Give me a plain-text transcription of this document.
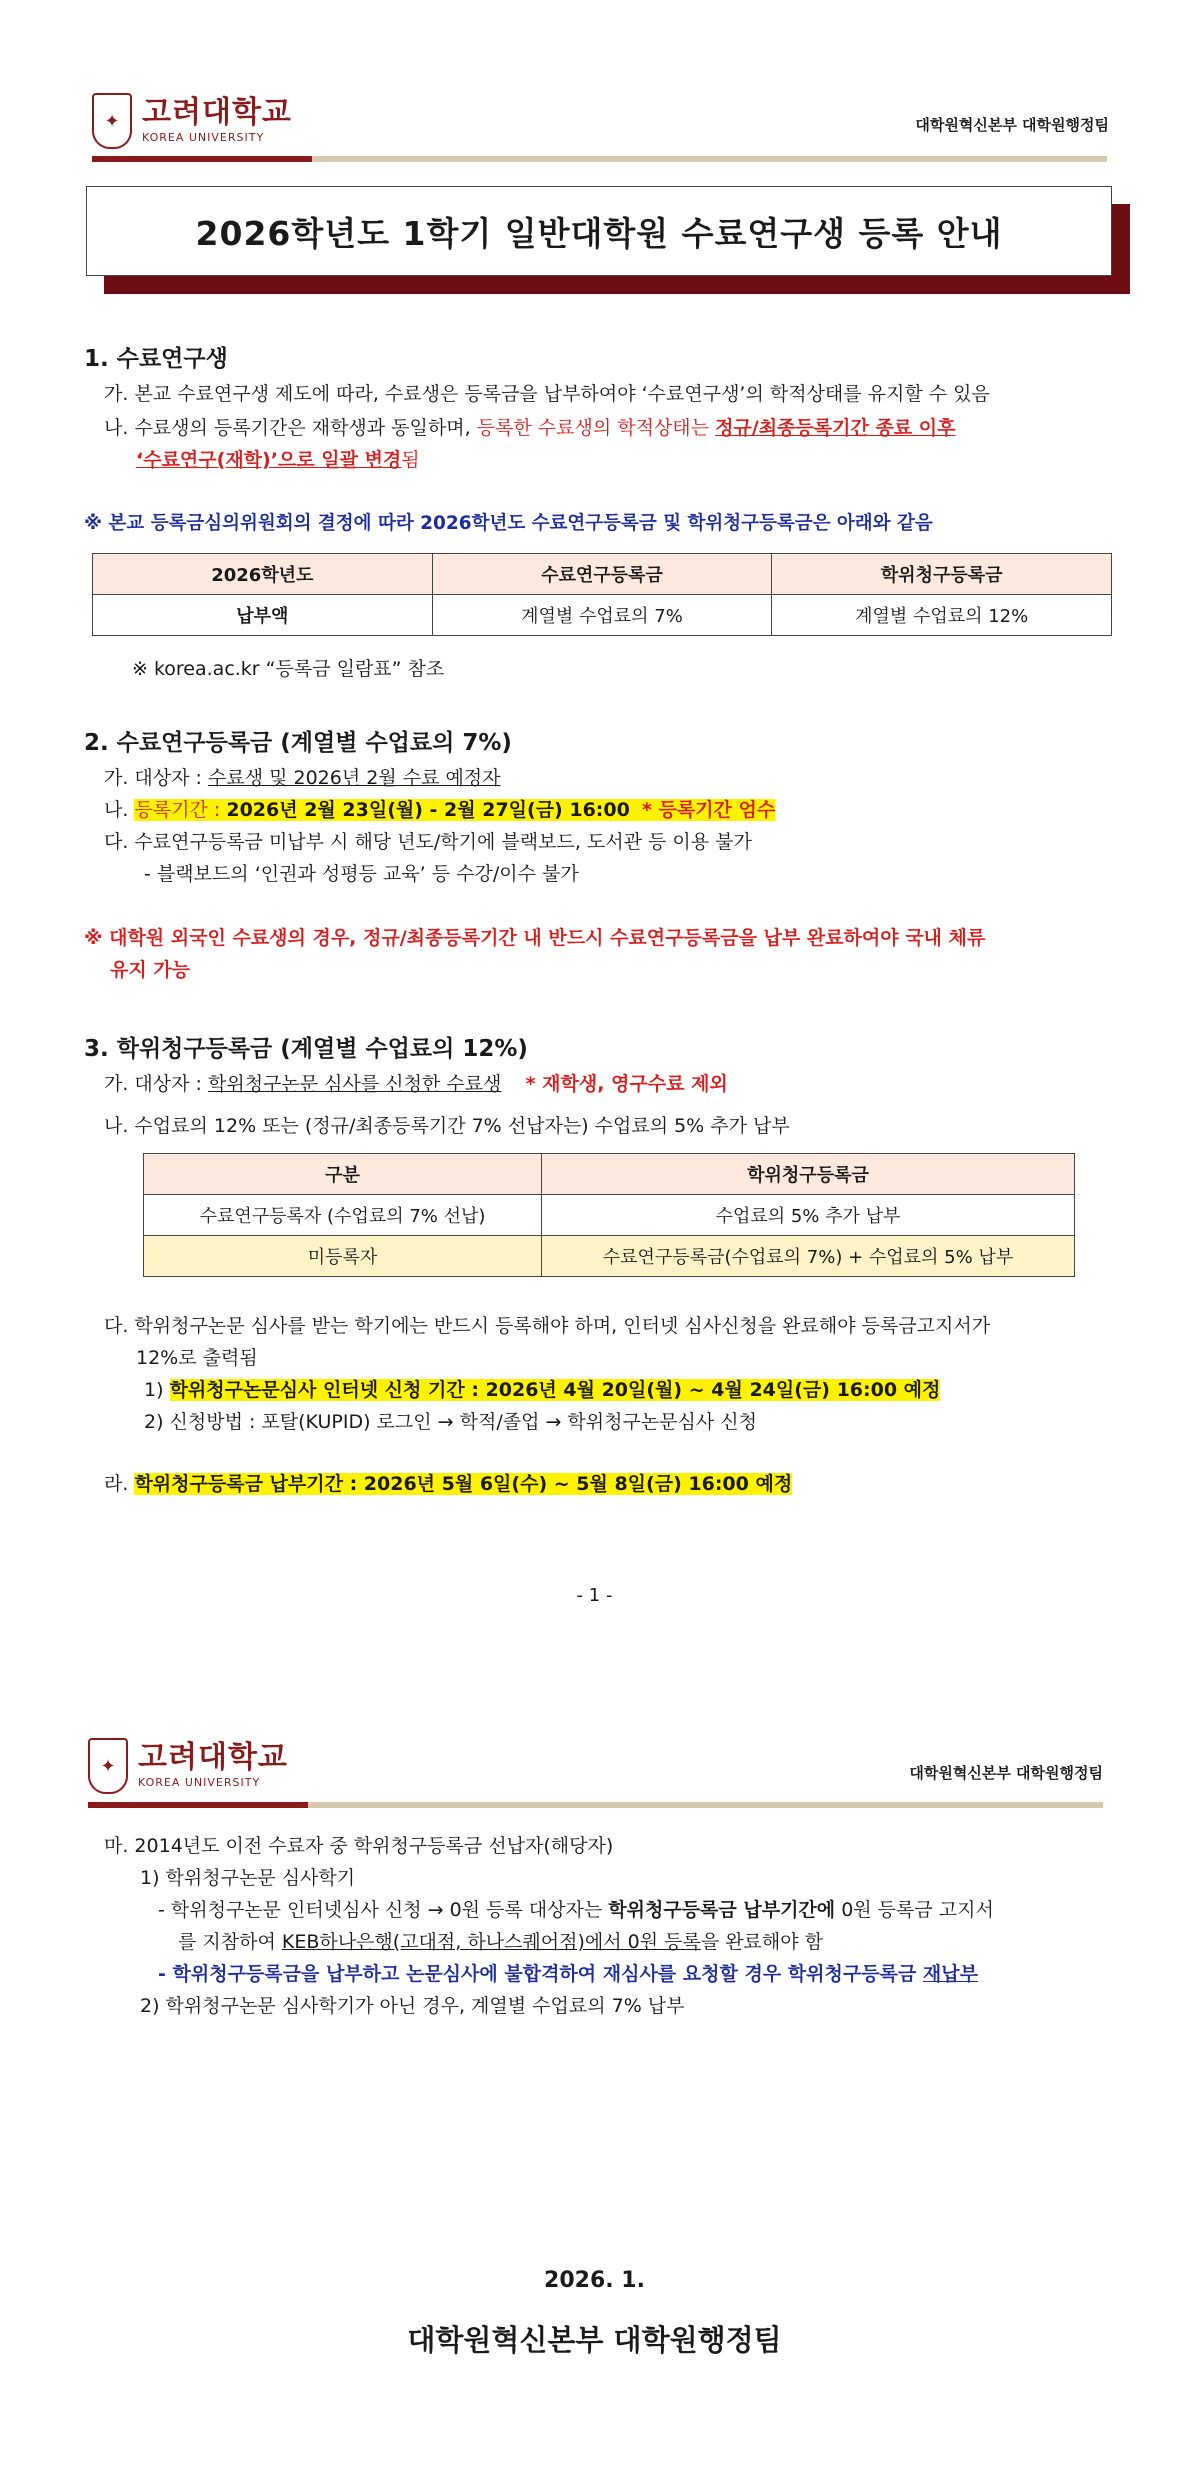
✦ 고려대학교
KOREA UNIVERSITY
대학원혁신본부 대학원행정팀
2026학년도 1학기 일반대학원 수료연구생 등록 안내
1. 수료연구생
가. 본교 수료연구생 제도에 따라, 수료생은 등록금을 납부하여야 ‘수료연구생’의 학적상태를 유지할 수 있음
나. 수료생의 등록기간은 재학생과 동일하며, 등록한 수료생의 학적상태는 정규/최종등록기간 종료 이후
‘수료연구(재학)’으로 일괄 변경됨
※ 본교 등록금심의위원회의 결정에 따라 2026학년도 수료연구등록금 및 학위청구등록금은 아래와 같음
2026학년도	수료연구등록금	학위청구등록금
납부액	계열별 수업료의 7%	계열별 수업료의 12%
※ korea.ac.kr “등록금 일람표” 참조
2. 수료연구등록금 (계열별 수업료의 7%)
가. 대상자 : 수료생 및 2026년 2월 수료 예정자
나. 등록기간 : 2026년 2월 23일(월) - 2월 27일(금) 16:00 * 등록기간 엄수
다. 수료연구등록금 미납부 시 해당 년도/학기에 블랙보드, 도서관 등 이용 불가
- 블랙보드의 ‘인권과 성평등 교육’ 등 수강/이수 불가
※ 대학원 외국인 수료생의 경우, 정규/최종등록기간 내 반드시 수료연구등록금을 납부 완료하여야 국내 체류
유지 가능
3. 학위청구등록금 (계열별 수업료의 12%)
가. 대상자 : 학위청구논문 심사를 신청한 수료생 * 재학생, 영구수료 제외
나. 수업료의 12% 또는 (정규/최종등록기간 7% 선납자는) 수업료의 5% 추가 납부
구분	학위청구등록금
수료연구등록자 (수업료의 7% 선납)	수업료의 5% 추가 납부
미등록자	수료연구등록금(수업료의 7%) + 수업료의 5% 납부
다. 학위청구논문 심사를 받는 학기에는 반드시 등록해야 하며, 인터넷 심사신청을 완료해야 등록금고지서가
12%로 출력됨
1) 학위청구논문심사 인터넷 신청 기간 : 2026년 4월 20일(월) ~ 4월 24일(금) 16:00 예정
2) 신청방법 : 포탈(KUPID) 로그인 → 학적/졸업 → 학위청구논문심사 신청
라. 학위청구등록금 납부기간 : 2026년 5월 6일(수) ~ 5월 8일(금) 16:00 예정
- 1 -
✦ 고려대학교
KOREA UNIVERSITY
대학원혁신본부 대학원행정팀
마. 2014년도 이전 수료자 중 학위청구등록금 선납자(해당자)
1) 학위청구논문 심사학기
- 학위청구논문 인터넷심사 신청 → 0원 등록 대상자는 학위청구등록금 납부기간에 0원 등록금 고지서
를 지참하여 KEB하나은행(고대점, 하나스퀘어점)에서 0원 등록을 완료해야 함
- 학위청구등록금을 납부하고 논문심사에 불합격하여 재심사를 요청할 경우 학위청구등록금 재납부
2) 학위청구논문 심사학기가 아닌 경우, 계열별 수업료의 7% 납부
2026. 1.
대학원혁신본부 대학원행정팀
